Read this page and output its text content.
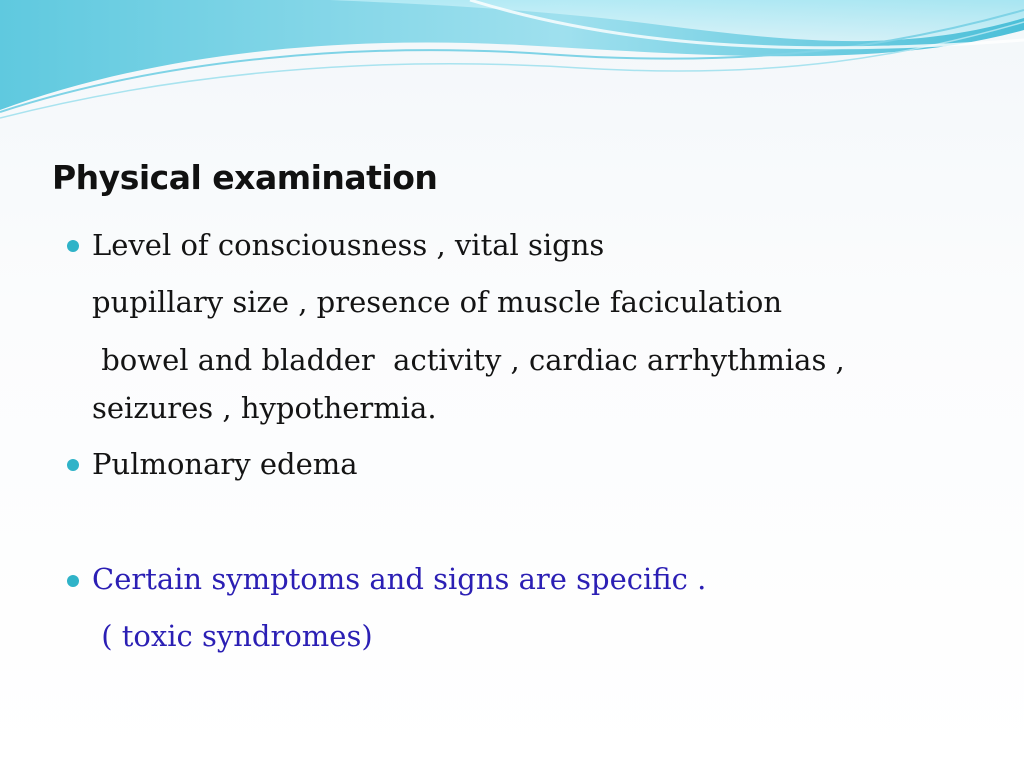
Physical examination
Level of consciousness , vital signs
pupillary size , presence of muscle faciculation
bowel and bladder  activity , cardiac arrhythmias ,
seizures , hypothermia.
Pulmonary edema
Certain symptoms and signs are specific .
( toxic syndromes)
